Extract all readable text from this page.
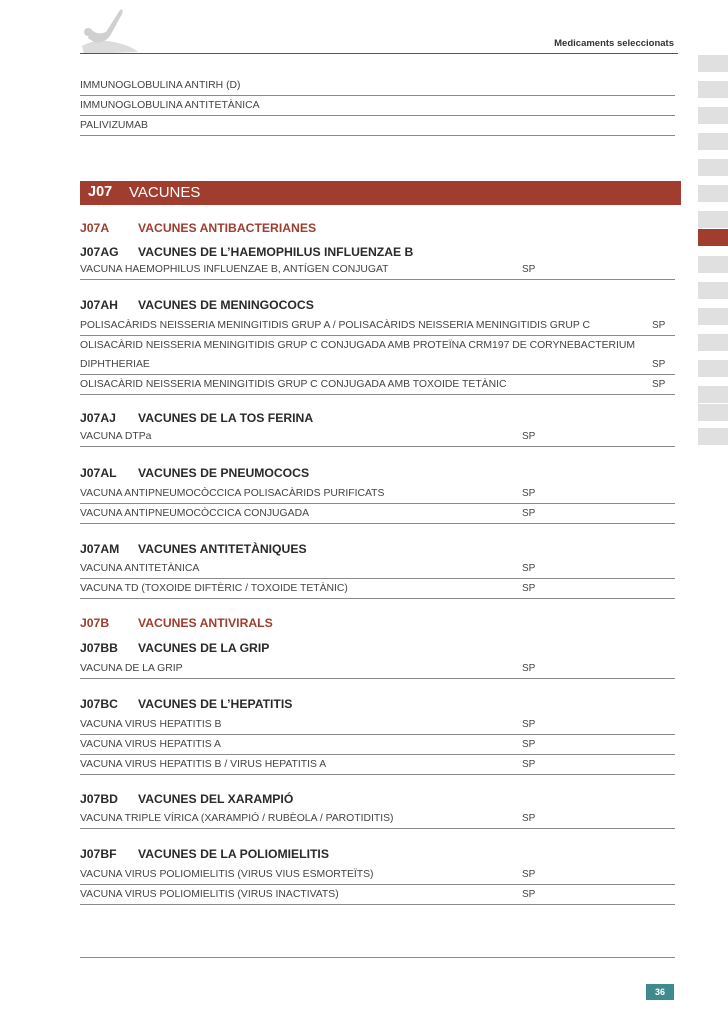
Medicaments seleccionats
IMMUNOGLOBULINA ANTIRH (D)
IMMUNOGLOBULINA ANTITETÀNICA
PALIVIZUMAB
J07 VACUNES
J07A VACUNES ANTIBACTERIANES
J07AG VACUNES DE L’HAEMOPHILUS INFLUENZAE B
VACUNA HAEMOPHILUS INFLUENZAE B, ANTÍGEN CONJUGAT	SP
J07AH VACUNES DE MENINGOCOCS
POLISACÀRIDS NEISSERIA MENINGITIDIS GRUP A / POLISACÀRIDS NEISSERIA MENINGITIDIS GRUP C	SP
OLISACÀRID NEISSERIA MENINGITIDIS GRUP C CONJUGADA AMB PROTEÏNA CRM197 DE CORYNEBACTERIUM
DIPHTHERIAE	SP
OLISACÀRID NEISSERIA MENINGITIDIS GRUP C CONJUGADA AMB TOXOIDE TETÀNIC	SP
J07AJ VACUNES DE LA TOS FERINA
VACUNA DTPa	SP
J07AL VACUNES DE PNEUMOCOCS
VACUNA ANTIPNEUMOCÒCCICA POLISACÀRIDS PURIFICATS	SP
VACUNA ANTIPNEUMOCÒCCICA CONJUGADA	SP
J07AM VACUNES ANTITETÀNIQUES
VACUNA ANTITETÀNICA	SP
VACUNA TD (TOXOIDE DIFTÈRIC / TOXOIDE TETÀNIC)	SP
J07B VACUNES ANTIVIRALS
J07BB VACUNES DE LA GRIP
VACUNA DE LA GRIP	SP
J07BC VACUNES DE L’HEPATITIS
VACUNA VIRUS HEPATITIS B	SP
VACUNA VIRUS HEPATITIS A	SP
VACUNA VIRUS HEPATITIS B / VIRUS HEPATITIS A	SP
J07BD VACUNES DEL XARAMPIÓ
VACUNA TRIPLE VÍRICA (XARAMPIÓ / RUBÈOLA / PAROTIDITIS)	SP
J07BF VACUNES DE LA POLIOMIELITIS
VACUNA VIRUS POLIOMIELITIS (VIRUS VIUS ESMORTEÏTS)	SP
VACUNA VIRUS POLIOMIELITIS (VIRUS INACTIVATS)	SP
36
